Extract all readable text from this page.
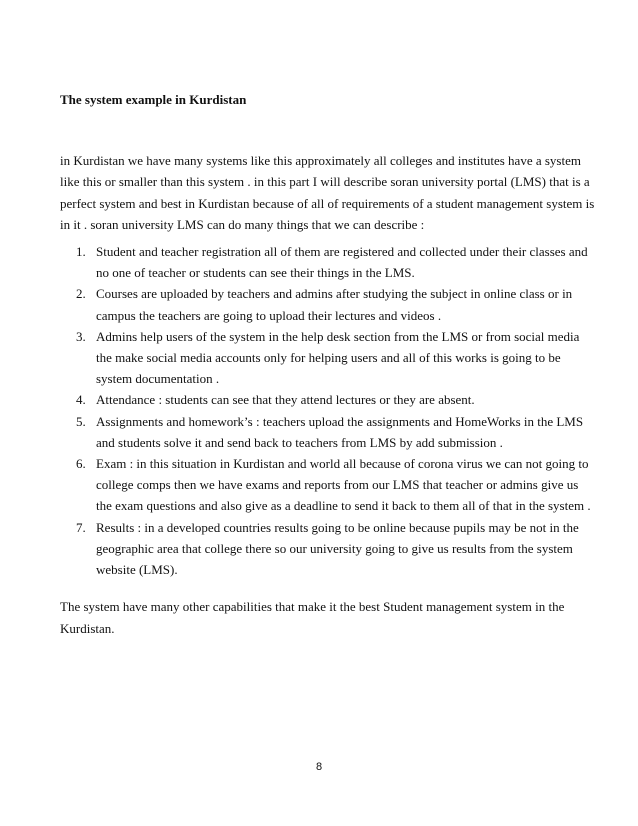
The system example in Kurdistan

in Kurdistan we have many systems like this approximately all colleges and institutes have a system
like this or smaller than this system . in this part I will describe soran university portal (LMS) that is a
perfect system and best in Kurdistan because of all of requirements of a student management system is
in it . soran university LMS can do many things that we can describe :

1. Student and teacher registration all of them are registered and collected under their classes and
no one of teacher or students can see their things in the LMS.
2. Courses are uploaded by teachers and admins after studying the subject in online class or in
campus the teachers are going to upload their lectures and videos .
3. Admins help users of the system in the help desk section from the LMS or from social media
the make social media accounts only for helping users and all of this works is going to be
system documentation .
4. Attendance : students can see that they attend lectures or they are absent.
5. Assignments and homework’s : teachers upload the assignments and HomeWorks in the LMS
and students solve it and send back to teachers from LMS by add submission .
6. Exam : in this situation in Kurdistan and world all because of corona virus we can not going to
college comps then we have exams and reports from our LMS that teacher or admins give us
the exam questions and also give as a deadline to send it back to them all of that in the system .
7. Results : in a developed countries results going to be online because pupils may be not in the
geographic area that college there so our university going to give us results from the system
website (LMS).

The system have many other capabilities that make it the best Student management system in the
Kurdistan.

8
